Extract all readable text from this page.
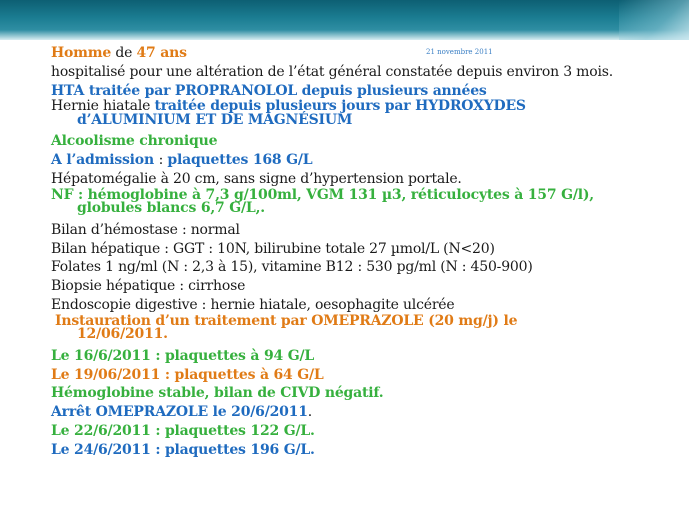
21 novembre 2011
Homme de 47 ans
hospitalisé pour une altération de l’état général constatée depuis environ 3 mois.
HTA traitée par PROPRANOLOL depuis plusieurs années
Hernie hiatale traitée depuis plusieurs jours par HYDROXYDES
d’ALUMINIUM ET DE MAGNÉSIUM
Alcoolisme chronique
A l’admission : plaquettes 168 G/L
Hépatomégalie à 20 cm, sans signe d’hypertension portale.
NF : hémoglobine à 7,3 g/100ml, VGM 131 µ3, réticulocytes à 157 G/l),
globules blancs 6,7 G/L,.
Bilan d’hémostase : normal
Bilan hépatique : GGT : 10N, bilirubine totale 27 µmol/L (N<20)
Folates 1 ng/ml (N : 2,3 à 15), vitamine B12 : 530 pg/ml (N : 450-900)
Biopsie hépatique : cirrhose
Endoscopie digestive : hernie hiatale, oesophagite ulcérée
Instauration d’un traitement par OMEPRAZOLE (20 mg/j) le
12/06/2011.
Le 16/6/2011 : plaquettes à 94 G/L
Le 19/06/2011 : plaquettes à 64 G/L
Hémoglobine stable, bilan de CIVD négatif.
Arrêt OMEPRAZOLE le 20/6/2011.
Le 22/6/2011 : plaquettes 122 G/L.
Le 24/6/2011 : plaquettes 196 G/L.
